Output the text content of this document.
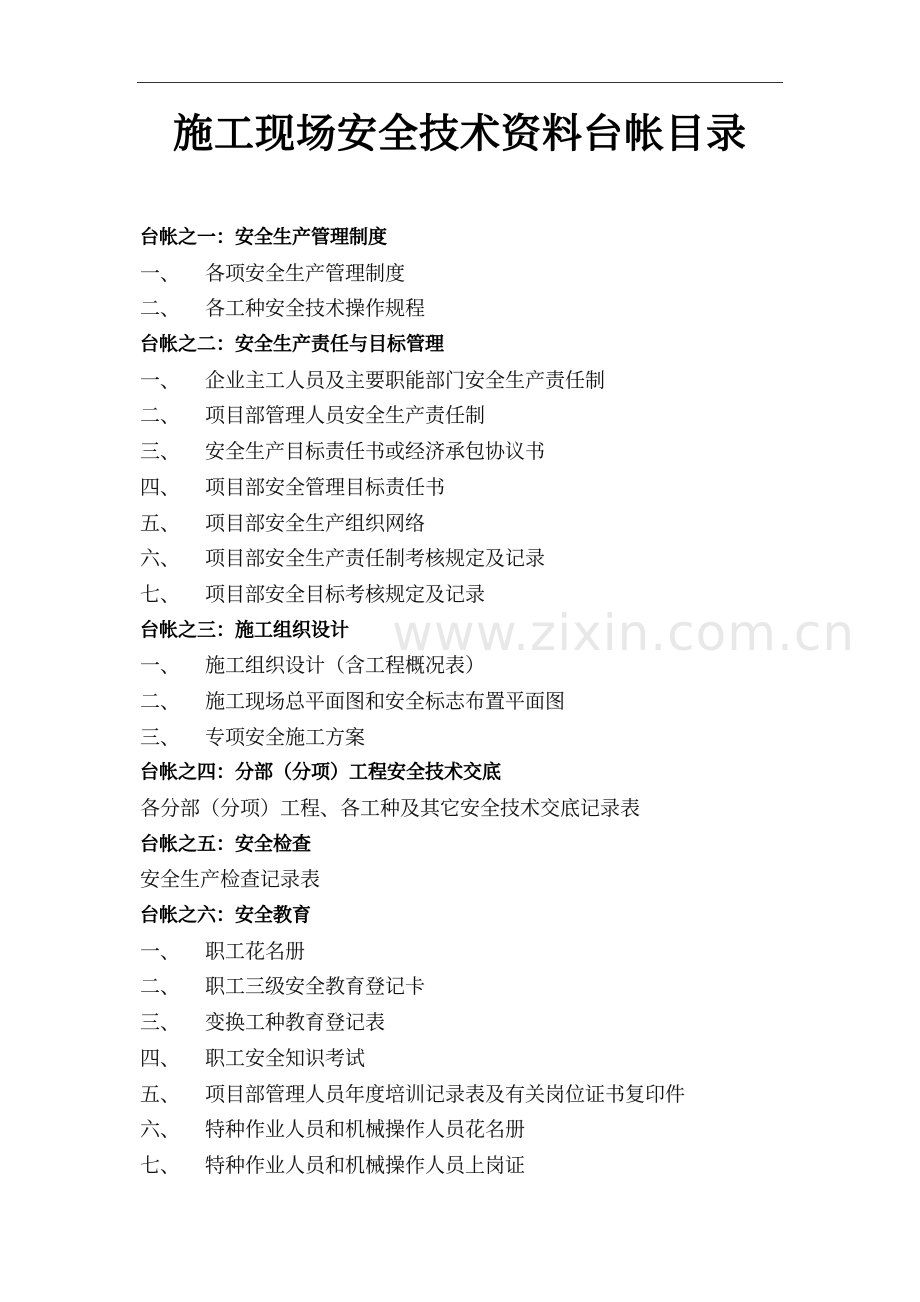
施工现场安全技术资料台帐目录
台帐之一：安全生产管理制度
一、 各项安全生产管理制度
二、 各工种安全技术操作规程
台帐之二：安全生产责任与目标管理
一、 企业主工人员及主要职能部门安全生产责任制
二、 项目部管理人员安全生产责任制
三、 安全生产目标责任书或经济承包协议书
四、 项目部安全管理目标责任书
五、 项目部安全生产组织网络
六、 项目部安全生产责任制考核规定及记录
七、 项目部安全目标考核规定及记录
台帐之三：施工组织设计
一、 施工组织设计（含工程概况表）
二、 施工现场总平面图和安全标志布置平面图
三、 专项安全施工方案
台帐之四：分部（分项）工程安全技术交底
各分部（分项）工程、各工种及其它安全技术交底记录表
台帐之五：安全检查
安全生产检查记录表
台帐之六：安全教育
一、 职工花名册
二、 职工三级安全教育登记卡
三、 变换工种教育登记表
四、 职工安全知识考试
五、 项目部管理人员年度培训记录表及有关岗位证书复印件
六、 特种作业人员和机械操作人员花名册
七、 特种作业人员和机械操作人员上岗证
www.zixin.com.cn
